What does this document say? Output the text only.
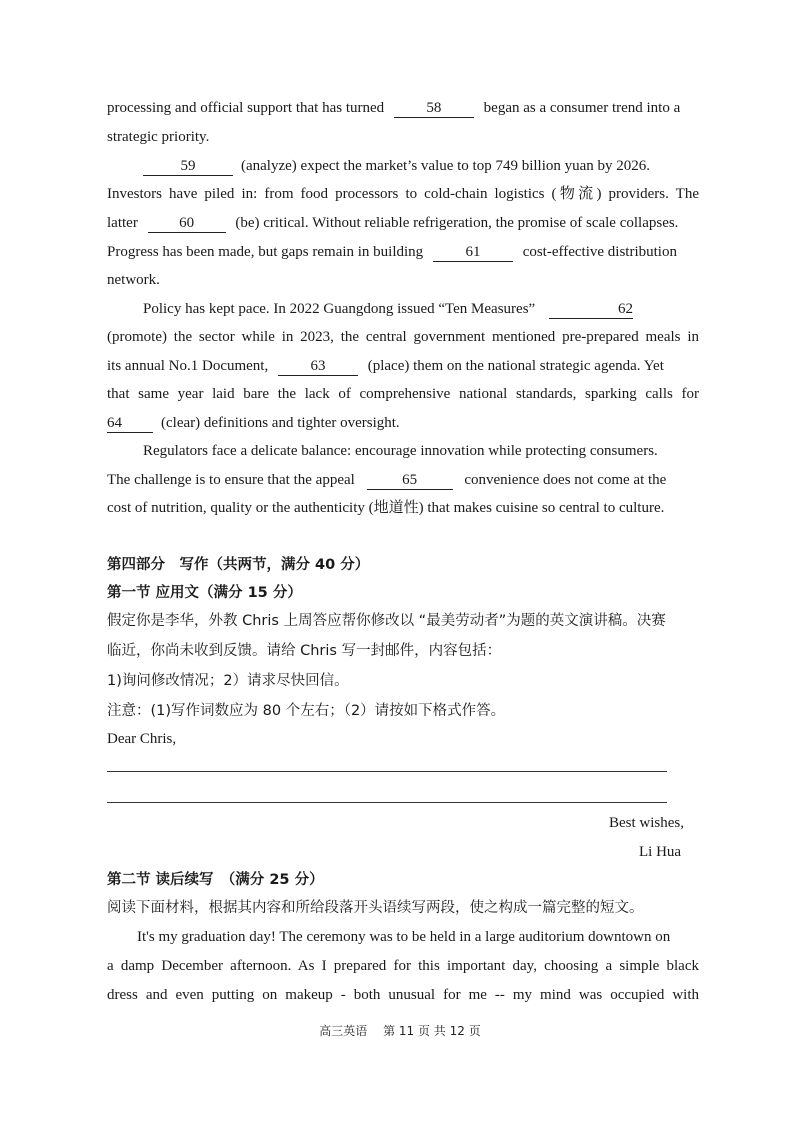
processing and official support that has turned	58	began as a consumer trend into a
strategic priority.
59	(analyze) expect the market’s value to top 749 billion yuan by 2026.
Investors have piled in: from food processors to cold-chain logistics (物流) providers. The
latter	60	(be) critical. Without reliable refrigeration, the promise of scale collapses.
Progress has been made, but gaps remain in building	61	cost-effective distribution
network.
Policy has kept pace. In 2022 Guangdong issued “Ten Measures”	62
(promote) the sector while in 2023, the central government mentioned pre-prepared meals in
its annual No.1 Document,	63	(place) them on the national strategic agenda. Yet
that same year laid bare the lack of comprehensive national standards, sparking calls for
64	(clear) definitions and tighter oversight.
Regulators face a delicate balance: encourage innovation while protecting consumers.
The challenge is to ensure that the appeal	65	convenience does not come at the
cost of nutrition, quality or the authenticity (地道性) that makes cuisine so central to culture.
第四部分　写作（共两节，满分 40 分）
第一节 应用文（满分 15 分）
假定你是李华，外教 Chris 上周答应帮你修改以 “最美劳动者”为题的英文演讲稿。决赛
临近，你尚未收到反馈。请给 Chris 写一封邮件，内容包括：
1)询问修改情况；2）请求尽快回信。
注意：(1)写作词数应为 80 个左右；（2）请按如下格式作答。
Dear Chris,
Best wishes,
Li Hua
第二节 读后续写　（满分 25 分）
阅读下面材料，根据其内容和所给段落开头语续写两段，使之构成一篇完整的短文。
It's my graduation day! The ceremony was to be held in a large auditorium downtown on
a damp December afternoon. As I prepared for this important day, choosing a simple black
dress and even putting on makeup - both unusual for me -- my mind was occupied with
高三英语　 第 11 页 共 12 页
